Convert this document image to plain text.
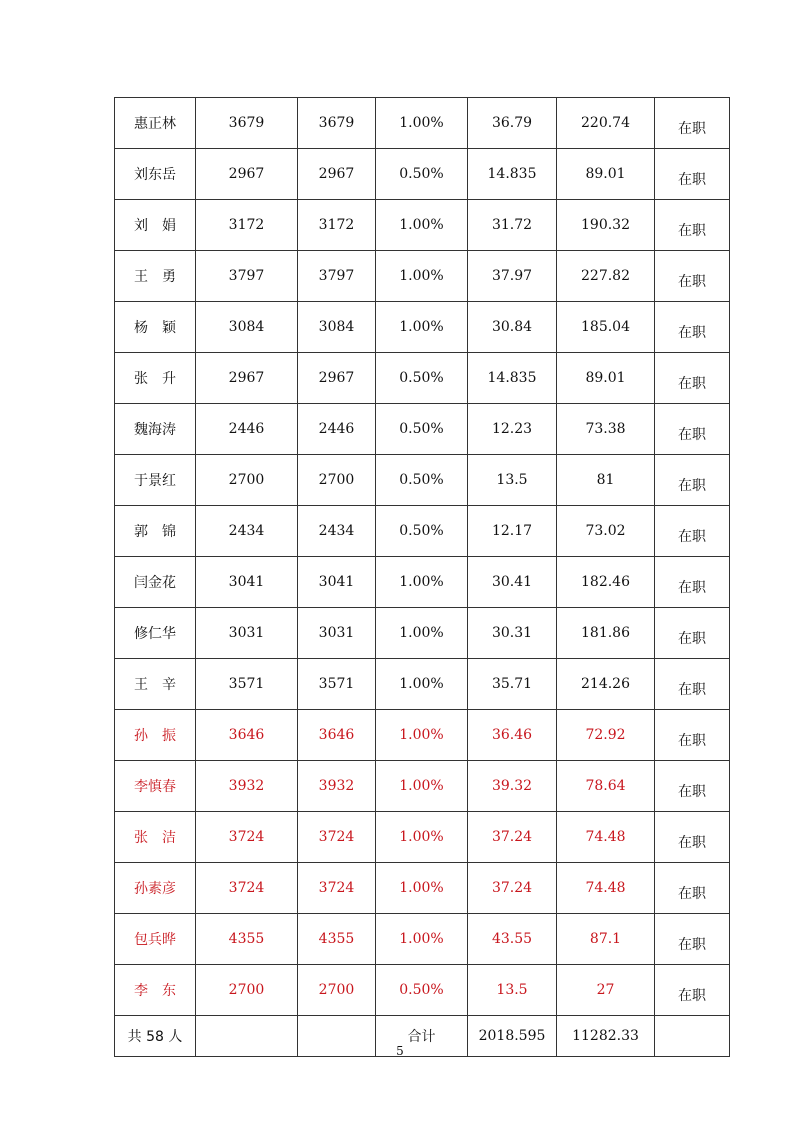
惠正林	3679	3679	1.00%	36.79	220.74	在职
刘东岳	2967	2967	0.50%	14.835	89.01	在职
刘　娟	3172	3172	1.00%	31.72	190.32	在职
王　勇	3797	3797	1.00%	37.97	227.82	在职
杨　颖	3084	3084	1.00%	30.84	185.04	在职
张　升	2967	2967	0.50%	14.835	89.01	在职
魏海涛	2446	2446	0.50%	12.23	73.38	在职
于景红	2700	2700	0.50%	13.5	81	在职
郭　锦	2434	2434	0.50%	12.17	73.02	在职
闫金花	3041	3041	1.00%	30.41	182.46	在职
修仁华	3031	3031	1.00%	30.31	181.86	在职
王　辛	3571	3571	1.00%	35.71	214.26	在职
孙　振	3646	3646	1.00%	36.46	72.92	在职
李慎春	3932	3932	1.00%	39.32	78.64	在职
张　洁	3724	3724	1.00%	37.24	74.48	在职
孙素彦	3724	3724	1.00%	37.24	74.48	在职
包兵晔	4355	4355	1.00%	43.55	87.1	在职
李　东	2700	2700	0.50%	13.5	27	在职
共 58 人			合计	2018.595	11282.33	
5
